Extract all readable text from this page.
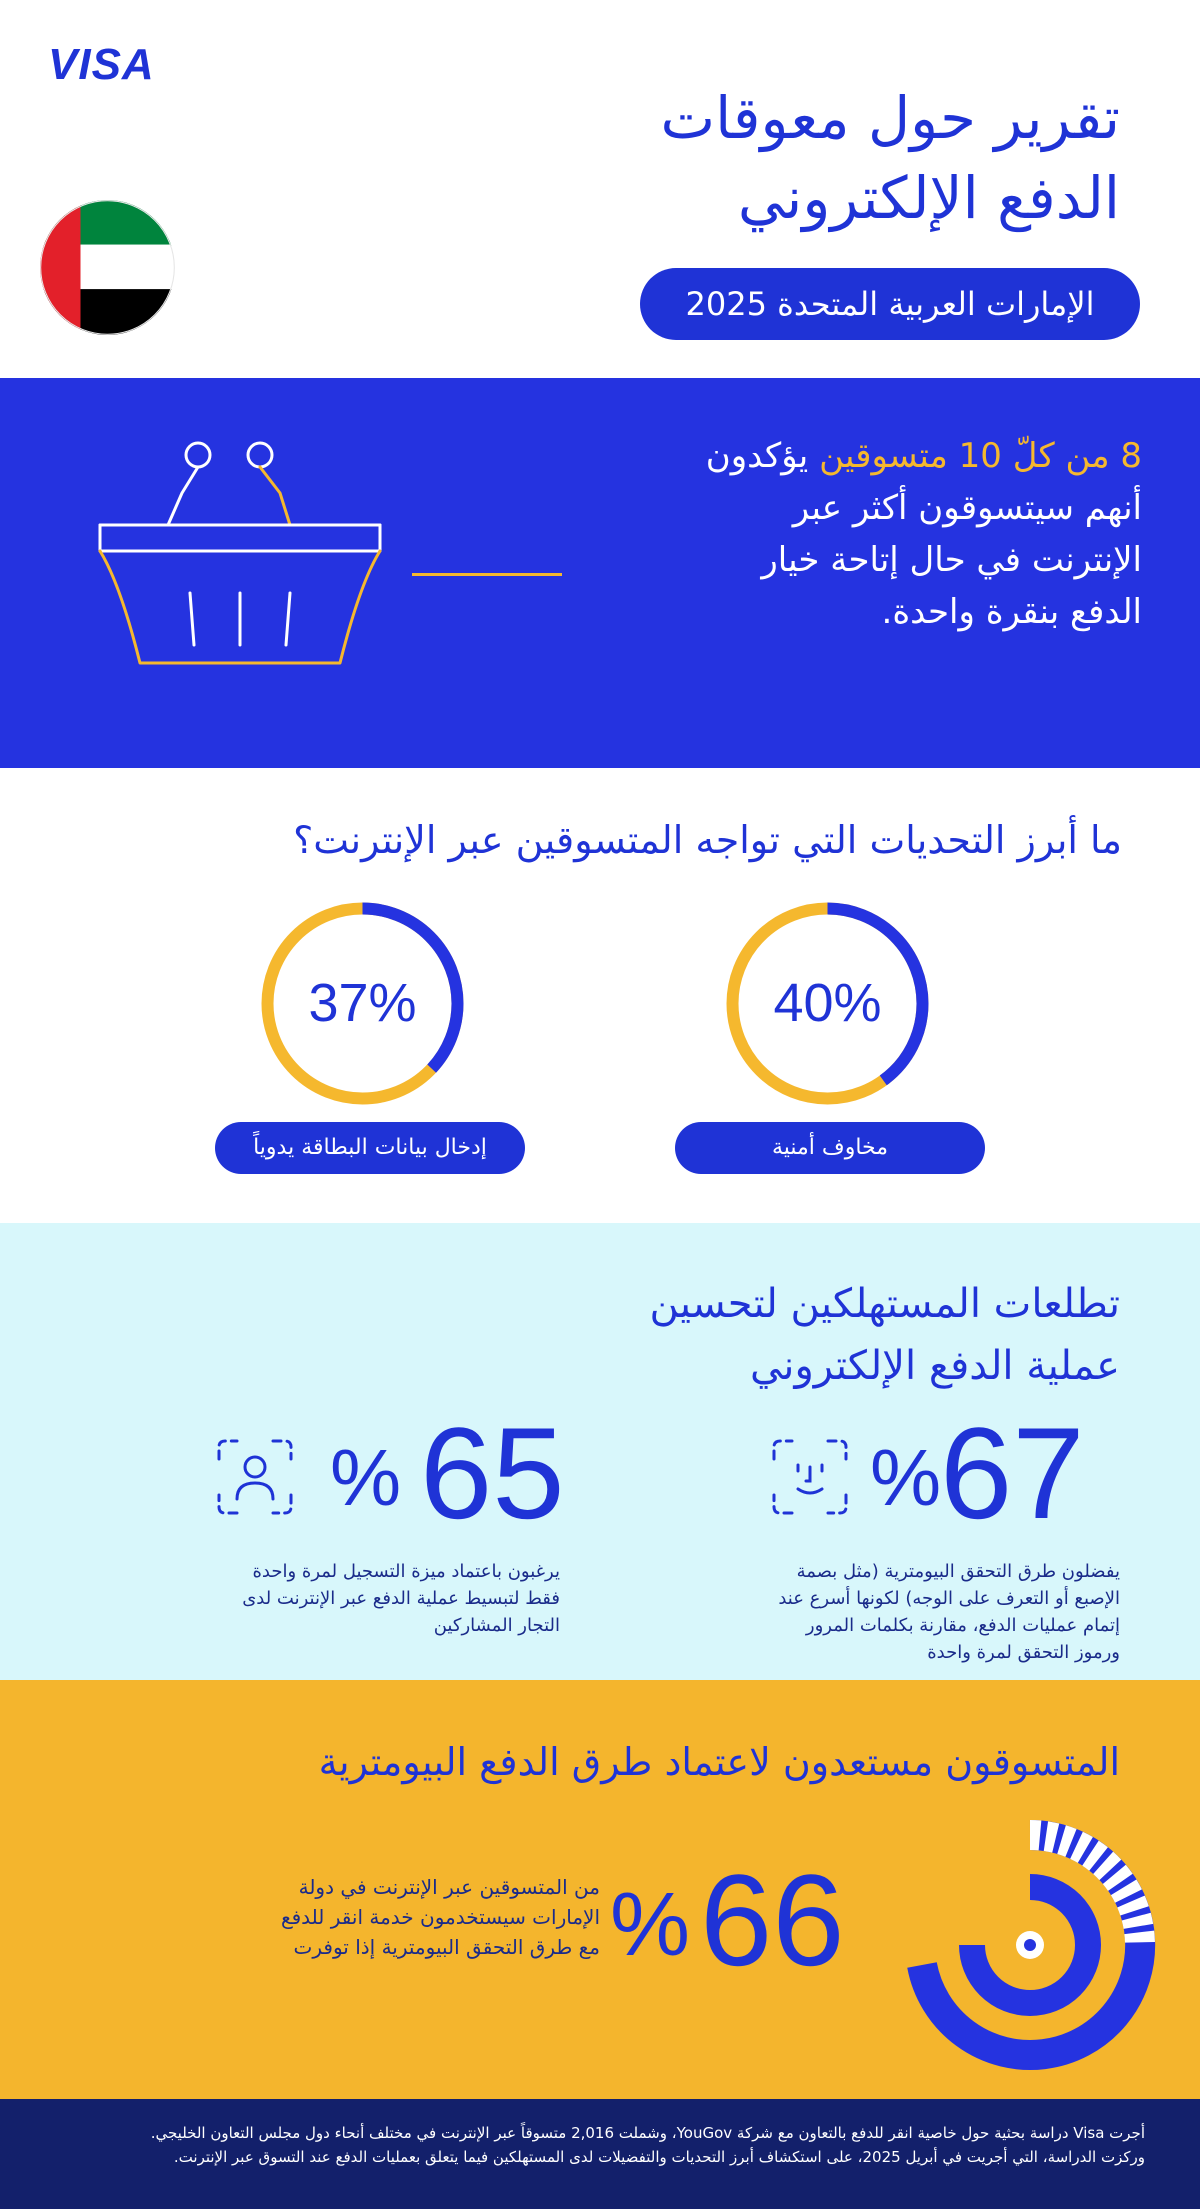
VISA
تقرير حول معوقات
الدفع الإلكتروني
الإمارات العربية المتحدة 2025
8 من كلّ 10 متسوقين يؤكدون
أنهم سيتسوقون أكثر عبر
الإنترنت في حال إتاحة خيار
الدفع بنقرة واحدة.
ما أبرز التحديات التي تواجه المتسوقين عبر الإنترنت؟
40%
مخاوف أمنية
37%
إدخال بيانات البطاقة يدوياً
تطلعات المستهلكين لتحسين
عملية الدفع الإلكتروني
67
%
يفضلون طرق التحقق البيومترية (مثل بصمة
الإصبع أو التعرف على الوجه) لكونها أسرع عند
إتمام عمليات الدفع، مقارنة بكلمات المرور
ورموز التحقق لمرة واحدة
65
%
يرغبون باعتماد ميزة التسجيل لمرة واحدة
فقط لتبسيط عملية الدفع عبر الإنترنت لدى
التجار المشاركين
المتسوقون مستعدون لاعتماد طرق الدفع البيومترية
66
%
من المتسوقين عبر الإنترنت في دولة
الإمارات سيستخدمون خدمة انقر للدفع
مع طرق التحقق البيومترية إذا توفرت
أجرت Visa دراسة بحثية حول خاصية انقر للدفع بالتعاون مع شركة YouGov، وشملت 2,016 متسوقاً عبر الإنترنت في مختلف أنحاء دول مجلس التعاون الخليجي.
وركزت الدراسة، التي أجريت في أبريل 2025، على استكشاف أبرز التحديات والتفضيلات لدى المستهلكين فيما يتعلق بعمليات الدفع عند التسوق عبر الإنترنت.
